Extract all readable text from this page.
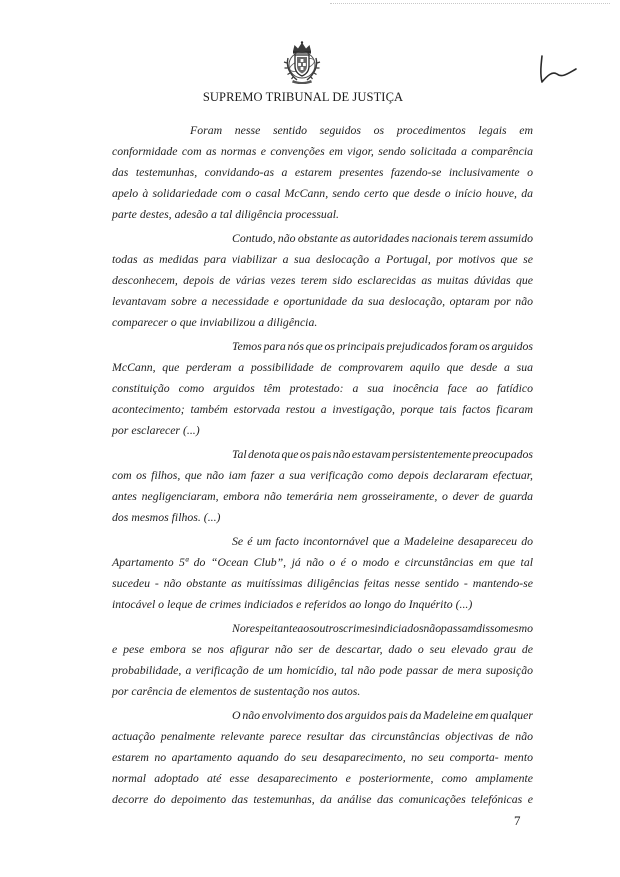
SUPREMO TRIBUNAL DE JUSTIÇA
Foram nesse sentido seguidos os procedimentos legais em
conformidade com as normas e convenções em vigor, sendo solicitada a comparência
das testemunhas, convidando-as a estarem presentes fazendo-se inclusivamente o
apelo à solidariedade com o casal McCann, sendo certo que desde o início houve, da
parte destes, adesão a tal diligência processual.
Contudo, não obstante as autoridades nacionais terem assumido
todas as medidas para viabilizar a sua deslocação a Portugal, por motivos que se
desconhecem, depois de várias vezes terem sido esclarecidas as muitas dúvidas que
levantavam sobre a necessidade e oportunidade da sua deslocação, optaram por não
comparecer o que inviabilizou a diligência.
Temos para nós que os principais prejudicados foram os arguidos
McCann, que perderam a possibilidade de comprovarem aquilo que desde a sua
constituição como arguidos têm protestado: a sua inocência face ao fatídico
acontecimento; também estorvada restou a investigação, porque tais factos ficaram
por esclarecer (...)
Tal denota que os pais não estavam persistentemente preocupados
com os filhos, que não iam fazer a sua verificação como depois declararam efectuar,
antes negligenciaram, embora não temerária nem grosseiramente, o dever de guarda
dos mesmos filhos. (...)
Se é um facto incontornável que a Madeleine desapareceu do
Apartamento 5ª do “Ocean Club”, já não o é o modo e circunstâncias em que tal
sucedeu - não obstante as muitíssimas diligências feitas nesse sentido - mantendo-se
intocável o leque de crimes indiciados e referidos ao longo do Inquérito (...)
No respeitante aos outros crimes indiciados não passam disso mesmo
e pese embora se nos afigurar não ser de descartar, dado o seu elevado grau de
probabilidade, a verificação de um homicídio, tal não pode passar de mera suposição
por carência de elementos de sustentação nos autos.
O não envolvimento dos arguidos pais da Madeleine em qualquer
actuação penalmente relevante parece resultar das circunstâncias objectivas de não
estarem no apartamento aquando do seu desaparecimento, no seu comporta- mento
normal adoptado até esse desaparecimento e posteriormente, como amplamente
decorre do depoimento das testemunhas, da análise das comunicações telefónicas e
7
